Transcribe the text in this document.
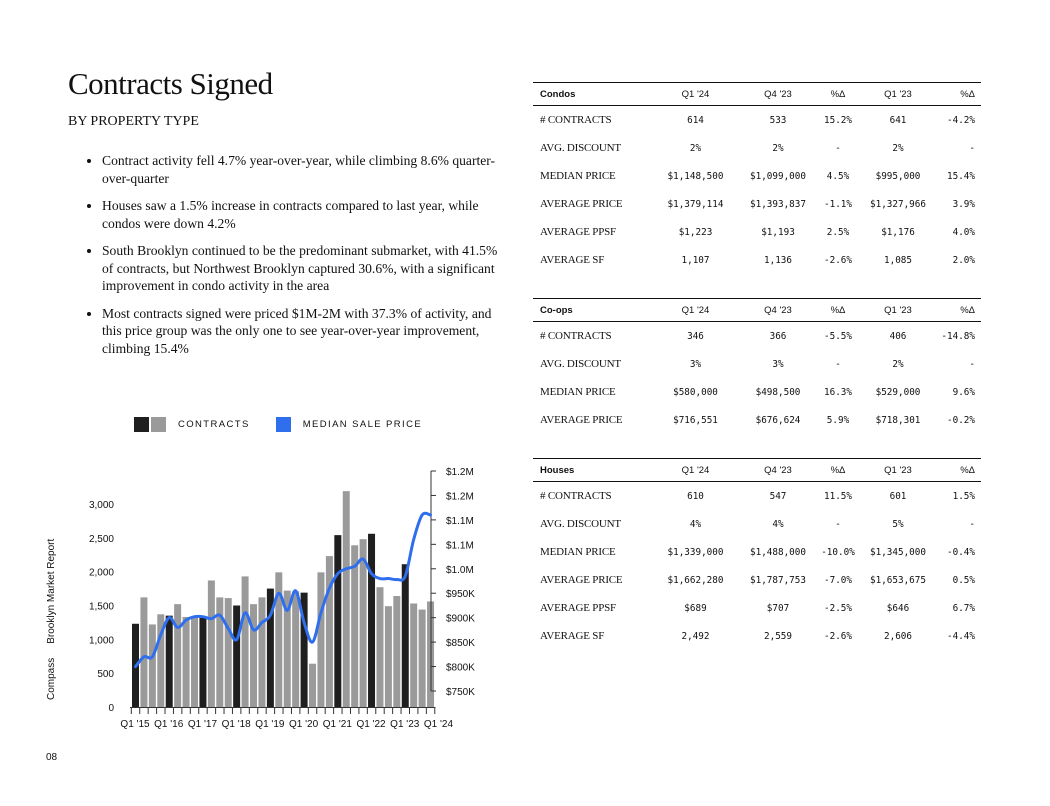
Contracts Signed
BY PROPERTY TYPE
• Contract activity fell 4.7% year-over-year, while climbing 8.6% quarter-over-quarter
• Houses saw a 1.5% increase in contracts compared to last year, while condos were down 4.2%
• South Brooklyn continued to be the predominant submarket, with 41.5% of contracts, but Northwest Brooklyn captured 30.6%, with a significant improvement in condo activity in the area
• Most contracts signed were priced $1M-2M with 37.3% of activity, and this price group was the only one to see year-over-year improvement, climbing 15.4%
CONTRACTS	MEDIAN SALE PRICE
Q1 '15 Q1 '16 Q1 '17 Q1 '18 Q1 '19 Q1 '20 Q1 '21 Q1 '22 Q1 '23 Q1 '24
0
500
1,000
1,500
2,000
2,500
3,000
$750K
$800K
$850K
$900K
$950K
$1.0M
$1.1M
$1.1M
$1.2M
$1.2M
CompassBrooklyn Market Report
08
Condos	Q1 '24	Q4 '23	%Δ	Q1 '23	%Δ
# CONTRACTS	614	533	15.2%	641	-4.2%
AVG. DISCOUNT	2%	2%	-	2%	-
MEDIAN PRICE	$1,148,500	$1,099,000	4.5%	$995,000	15.4%
AVERAGE PRICE	$1,379,114	$1,393,837	-1.1%	$1,327,966	3.9%
AVERAGE PPSF	$1,223	$1,193	2.5%	$1,176	4.0%
AVERAGE SF	1,107	1,136	-2.6%	1,085	2.0%
Co-ops	Q1 '24	Q4 '23	%Δ	Q1 '23	%Δ
# CONTRACTS	346	366	-5.5%	406	-14.8%
AVG. DISCOUNT	3%	3%	-	2%	-
MEDIAN PRICE	$580,000	$498,500	16.3%	$529,000	9.6%
AVERAGE PRICE	$716,551	$676,624	5.9%	$718,301	-0.2%
Houses	Q1 '24	Q4 '23	%Δ	Q1 '23	%Δ
# CONTRACTS	610	547	11.5%	601	1.5%
AVG. DISCOUNT	4%	4%	-	5%	-
MEDIAN PRICE	$1,339,000	$1,488,000	-10.0%	$1,345,000	-0.4%
AVERAGE PRICE	$1,662,280	$1,787,753	-7.0%	$1,653,675	0.5%
AVERAGE PPSF	$689	$707	-2.5%	$646	6.7%
AVERAGE SF	2,492	2,559	-2.6%	2,606	-4.4%
